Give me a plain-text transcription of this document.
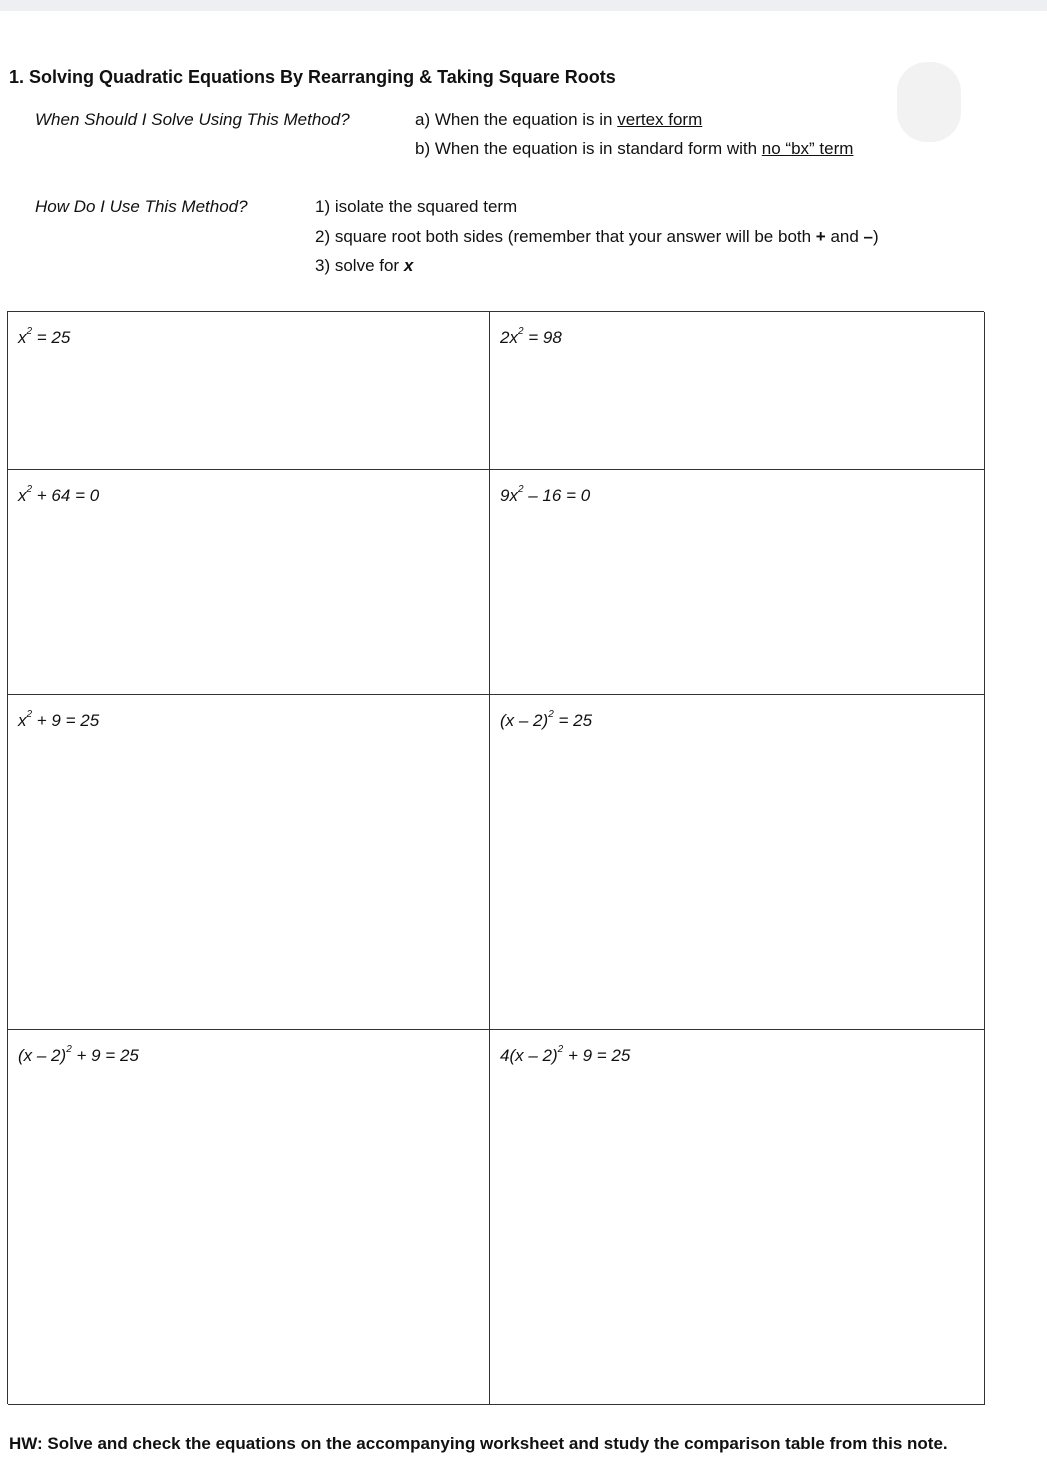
1. Solving Quadratic Equations By Rearranging & Taking Square Roots
When Should I Solve Using This Method?	a) When the equation is in vertex form
b) When the equation is in standard form with no “bx” term
How Do I Use This Method?	1) isolate the squared term
2) square root both sides (remember that your answer will be both + and –)
3) solve for x
$x^2 = 25$	$2x^2 = 98$
$x^2 + 64 = 0$	$9x^2 - 16 = 0$
$x^2 + 9 = 25$	(x – 2)$^2$ = 25
(x – 2)$^2$ + 9 = 25	4(x – 2)$^2$ + 9 = 25
HW: Solve and check the equations on the accompanying worksheet and study the comparison table from this note.
